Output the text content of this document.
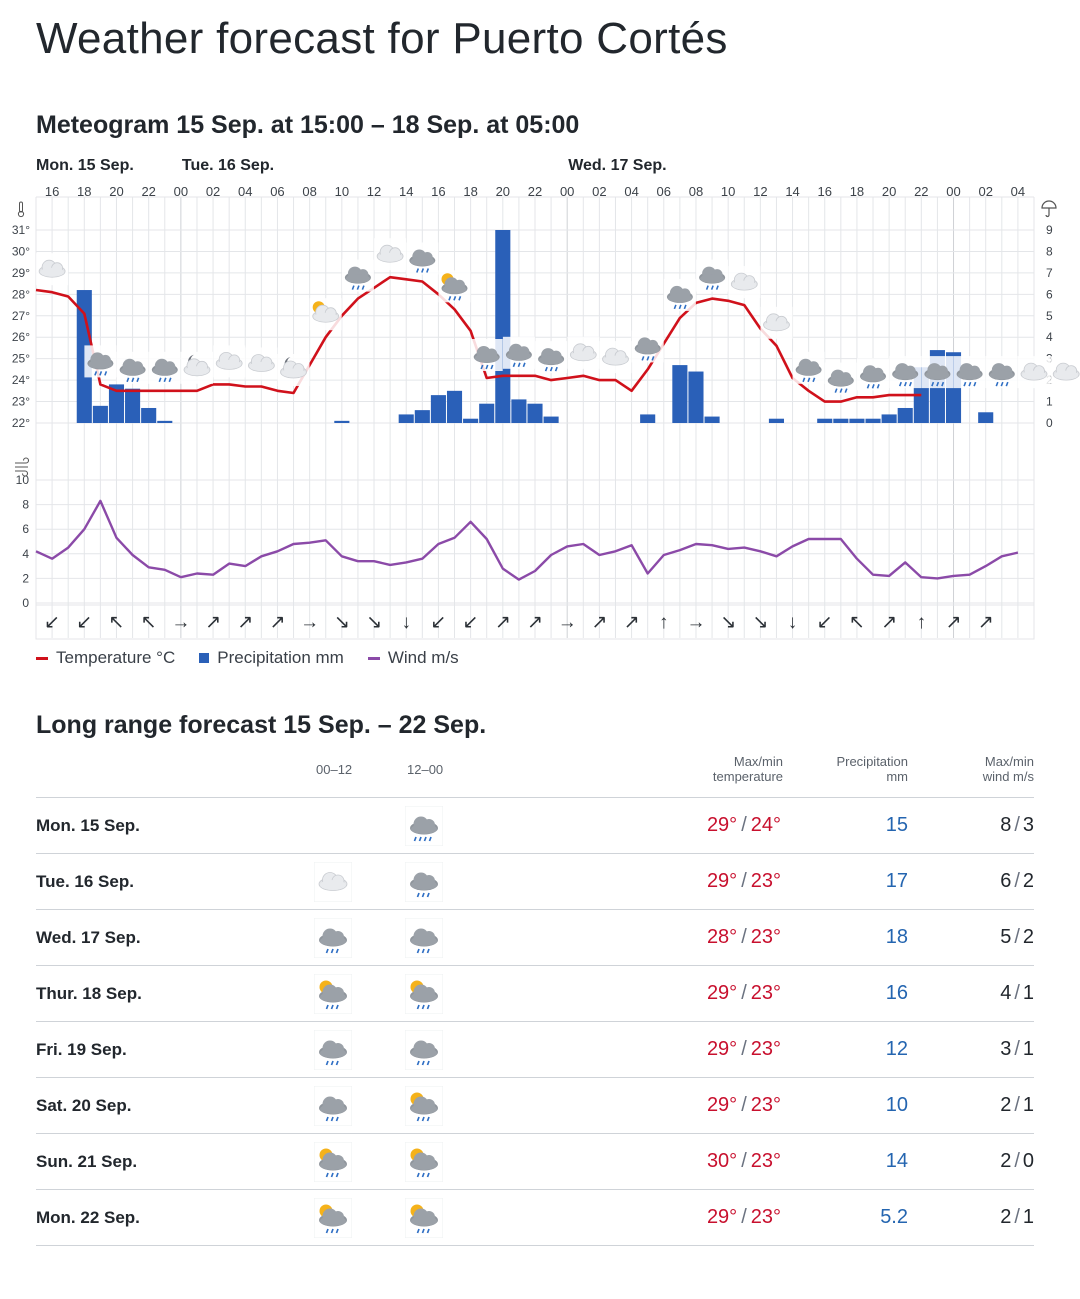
Weather forecast for Puerto Cortés
Meteogram 15 Sep. at 15:00 – 18 Sep. at 05:00
Mon. 15 Sep.	Tue. 16 Sep.	Wed. 17 Sep.
16 18 20 22 00 02 04 06 08 10 12 14 16 18 20 22 00 02 04 06 08 10 12 14 16 18 20 22 00 02 04
22°
23°
24°
25°
26°
27°
28°
29°
30°
31°
0
1
4
5
6
7
8
9
0
2
4
6
8
10
↙ ↙ ↖ ↖ → ↗ ↗ ↗ → ↘ ↘ ↓ ↙ ↙ ↗ ↗ → ↗ ↗ ↑ → ↘ ↘ ↓ ↙ ↖ ↗ ↑ ↗ ↗
Temperature °C Precipitation mm	Wind m/s
Long range forecast 15 Sep. – 22 Sep.
00–12	12–00
Max/min
temperature
Precipitation
mm
Max/min
wind m/s
Mon. 15 Sep.	29° / 24°	15	8 / 3
Tue. 16 Sep.	29° / 23°	17	6 / 2
Wed. 17 Sep.	28° / 23°	18	5 / 2
Thur. 18 Sep.	29° / 23°	16	4 / 1
Fri. 19 Sep.	29° / 23°	12	3 / 1
Sat. 20 Sep.	29° / 23°	10	2 / 1
Sun. 21 Sep.	30° / 23°	14	2 / 0
Mon. 22 Sep.	29° / 23°	5.2	2 / 1
